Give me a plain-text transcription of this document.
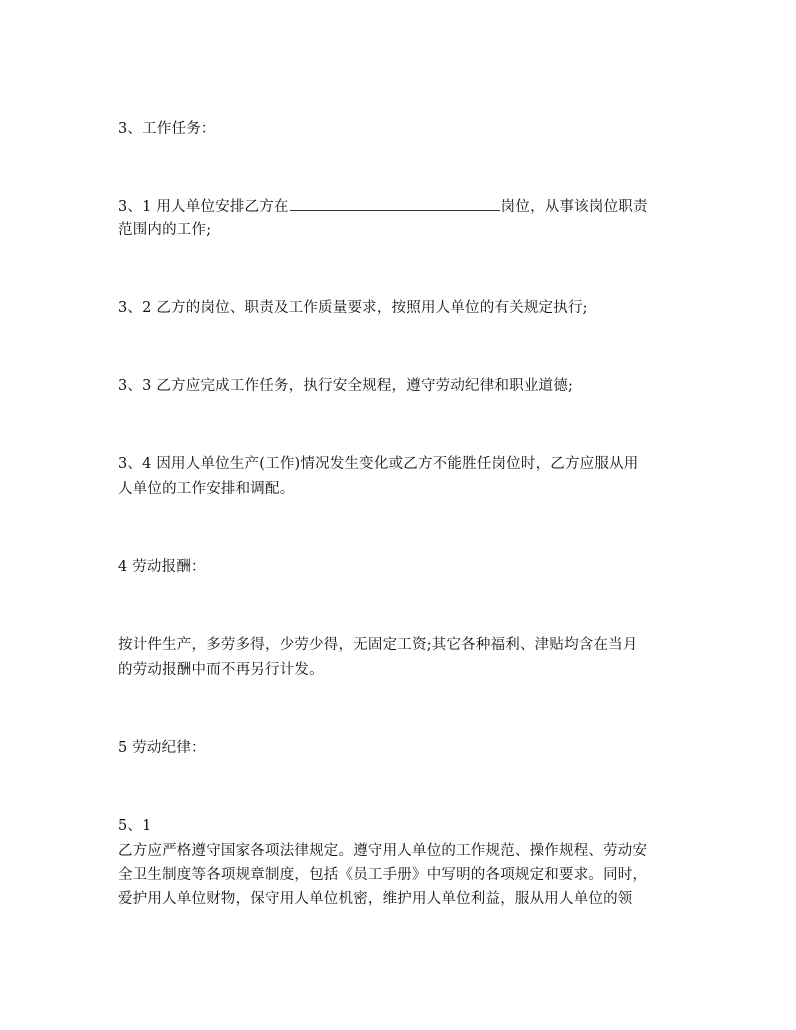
3、工作任务：
3、1 用人单位安排乙方在	岗位，从事该岗位职责
范围内的工作;
3、2 乙方的岗位、职责及工作质量要求，按照用人单位的有关规定执行;
3、3 乙方应完成工作任务，执行安全规程，遵守劳动纪律和职业道德;
3、4 因用人单位生产(工作)情况发生变化或乙方不能胜任岗位时，乙方应服从用
人单位的工作安排和调配。
4 劳动报酬：
按计件生产，多劳多得，少劳少得，无固定工资;其它各种福利、津贴均含在当月
的劳动报酬中而不再另行计发。
5 劳动纪律：
5、1
乙方应严格遵守国家各项法律规定。遵守用人单位的工作规范、操作规程、劳动安
全卫生制度等各项规章制度，包括《员工手册》中写明的各项规定和要求。同时，
爱护用人单位财物，保守用人单位机密，维护用人单位利益，服从用人单位的领
